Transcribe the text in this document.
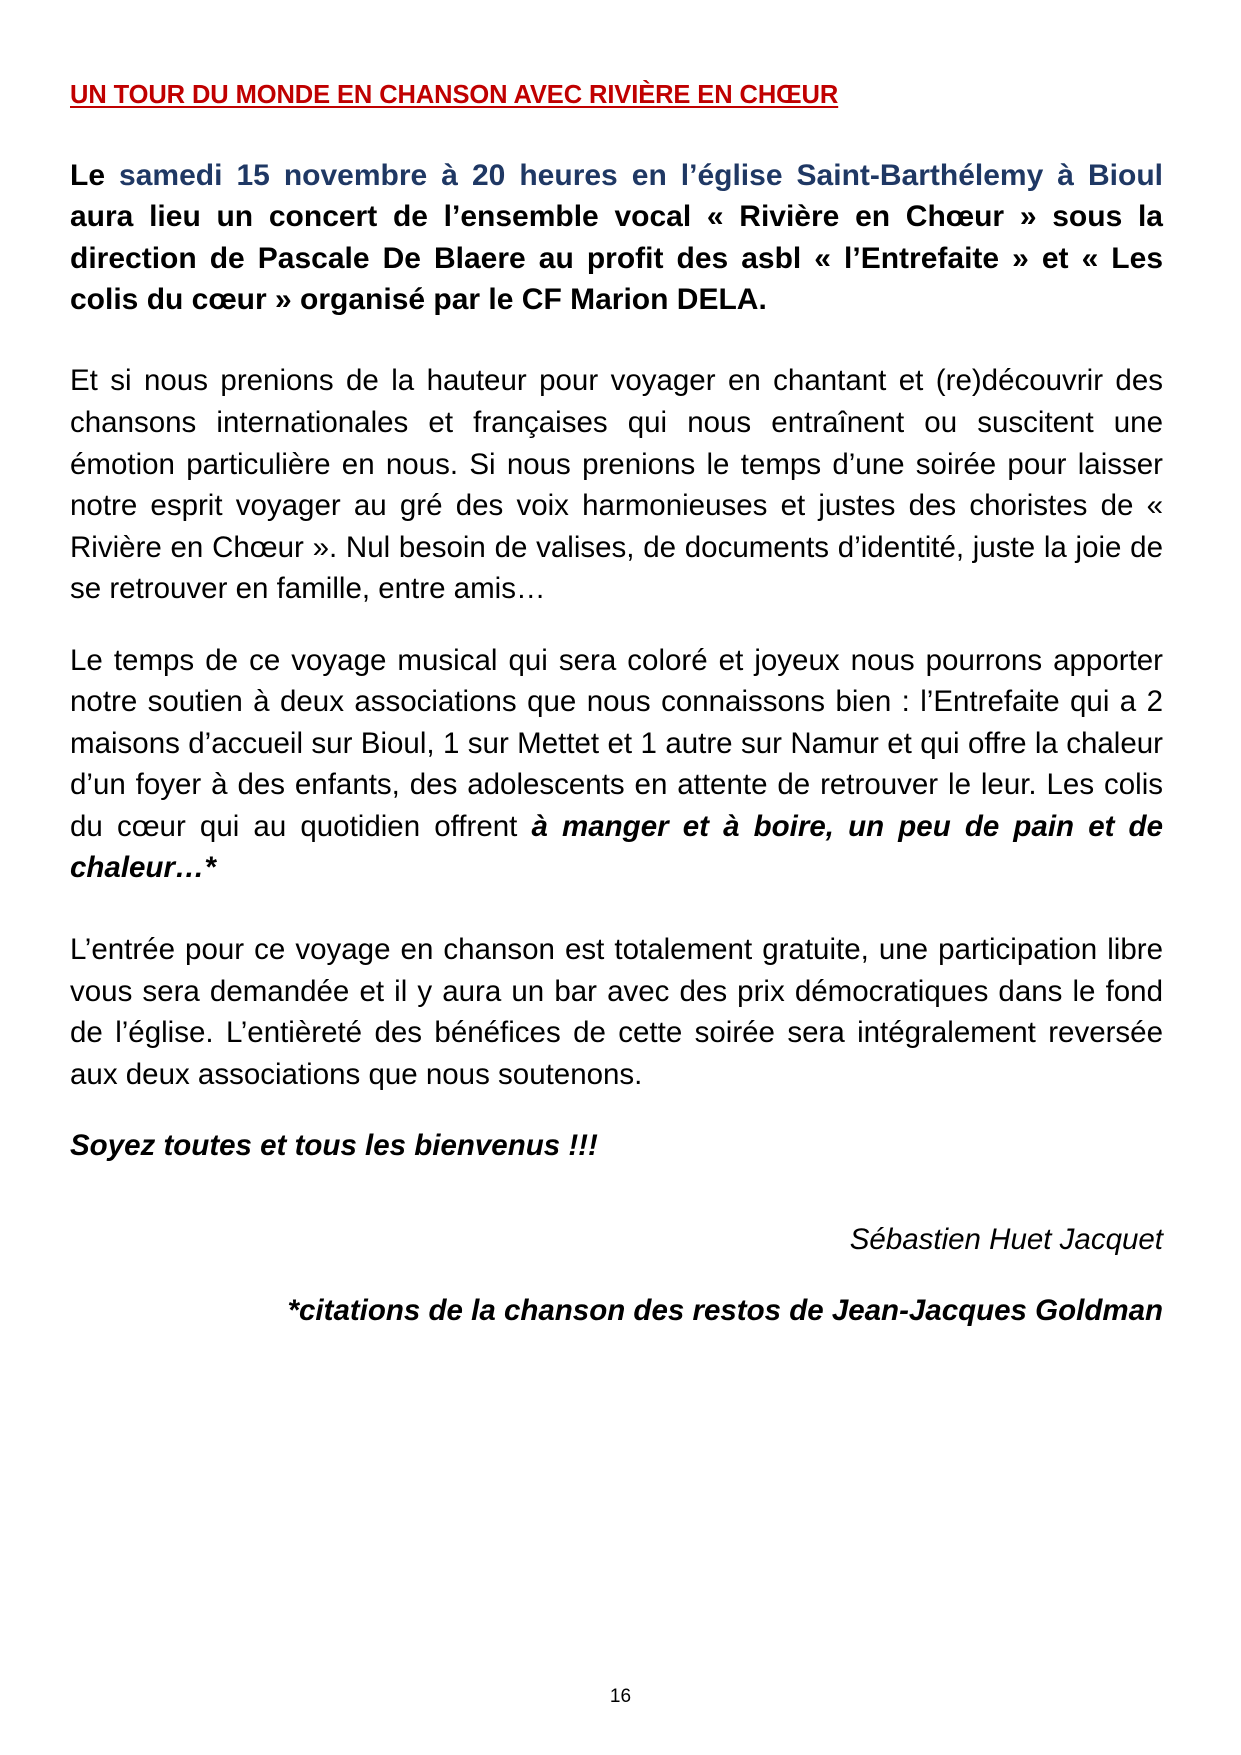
UN TOUR DU MONDE EN CHANSON AVEC RIVIÈRE EN CHŒUR

Le samedi 15 novembre à 20 heures en l’église Saint-Barthélemy à Bioul aura lieu un concert de l’ensemble vocal « Rivière en Chœur » sous la direction de Pascale De Blaere au profit des asbl « l’Entrefaite » et « Les colis du cœur » organisé par le CF Marion DELA.

Et si nous prenions de la hauteur pour voyager en chantant et (re)découvrir des chansons internationales et françaises qui nous entraînent ou suscitent une émotion particulière en nous. Si nous prenions le temps d’une soirée pour laisser notre esprit voyager au gré des voix harmonieuses et justes des choristes de « Rivière en Chœur ». Nul besoin de valises, de documents d’identité, juste la joie de se retrouver en famille, entre amis…

Le temps de ce voyage musical qui sera coloré et joyeux nous pourrons apporter notre soutien à deux associations que nous connaissons bien : l’Entrefaite qui a 2 maisons d’accueil sur Bioul, 1 sur Mettet et 1 autre sur Namur et qui offre la chaleur d’un foyer à des enfants, des adolescents en attente de retrouver le leur. Les colis du cœur qui au quotidien offrent à manger et à boire, un peu de pain et de chaleur…*

L’entrée pour ce voyage en chanson est totalement gratuite, une participation libre vous sera demandée et il y aura un bar avec des prix démocratiques dans le fond de l’église. L’entièreté des bénéfices de cette soirée sera intégralement reversée aux deux associations que nous soutenons.

Soyez toutes et tous les bienvenus !!!

Sébastien Huet Jacquet

*citations de la chanson des restos de Jean-Jacques Goldman

16
